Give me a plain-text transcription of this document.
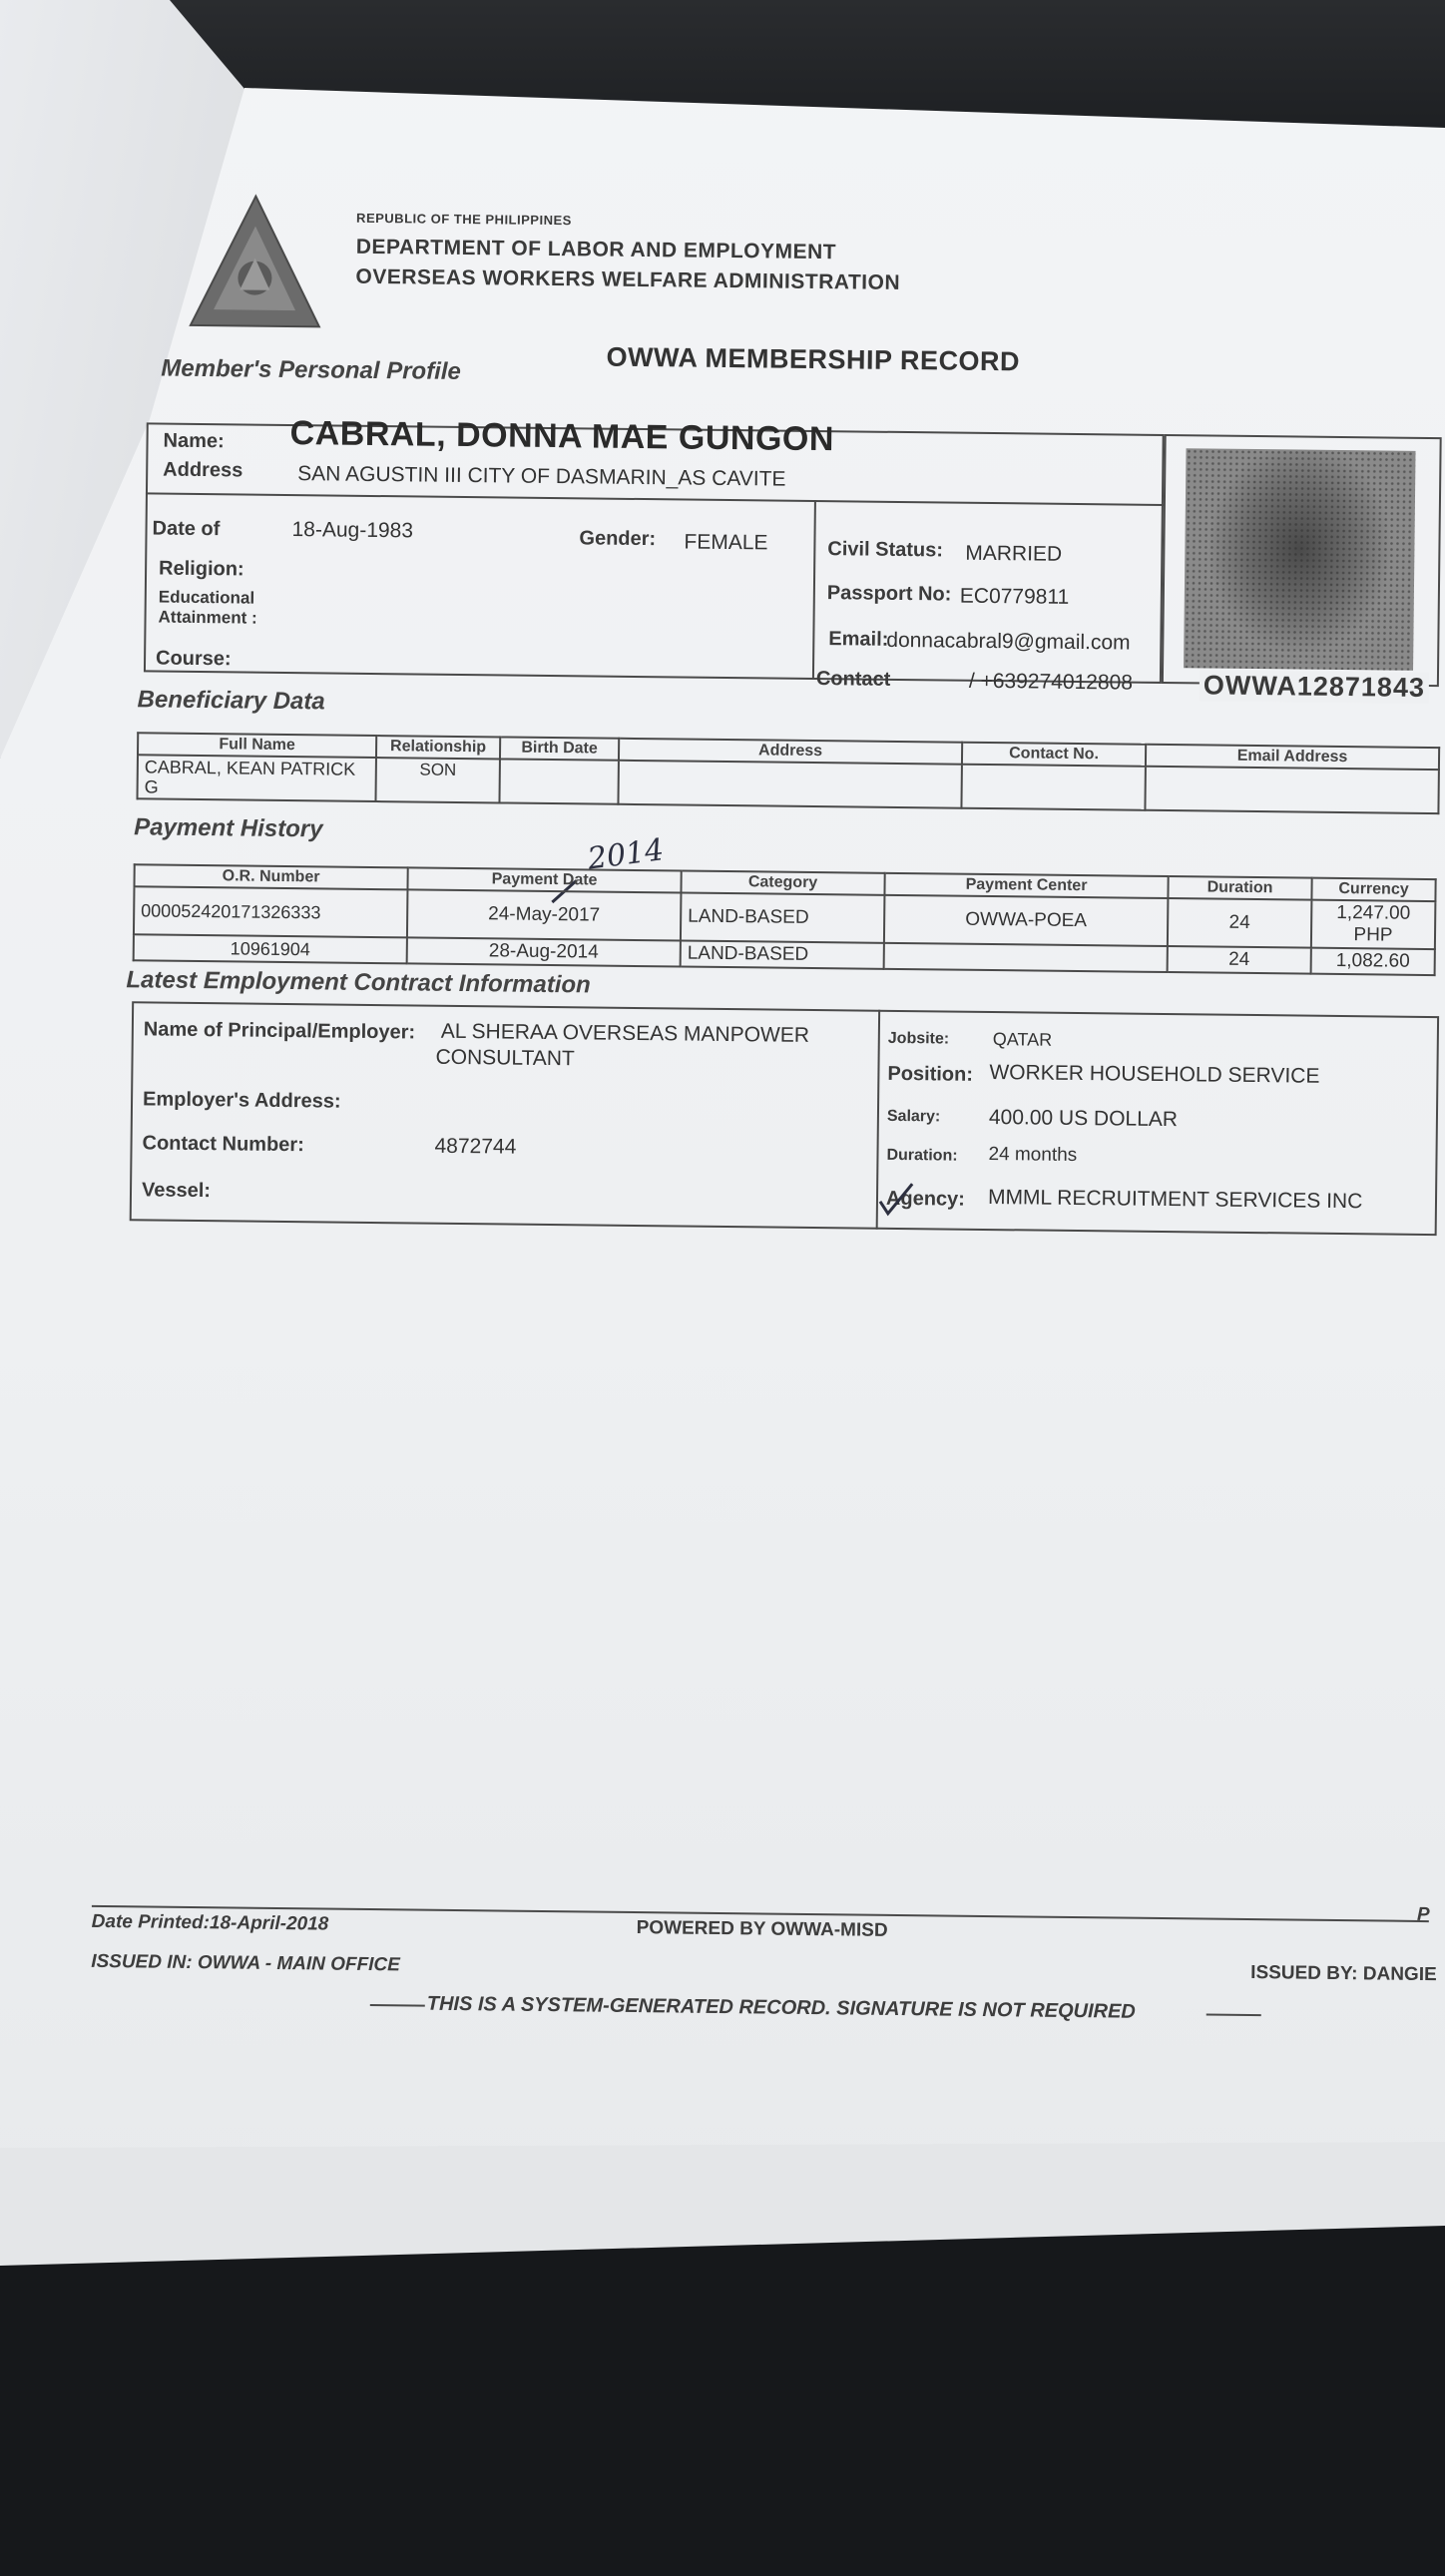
REPUBLIC OF THE PHILIPPINES
DEPARTMENT OF LABOR AND EMPLOYMENT
OVERSEAS WORKERS WELFARE ADMINISTRATION
OWWA MEMBERSHIP RECORD
Member's Personal Profile
Name: CABRAL, DONNA MAE GUNGON
Address	SAN AGUSTIN III CITY OF DASMARIN_AS CAVITE
Date of	18-Aug-1983	Gender: FEMALE
Religion:
Educational
Attainment :
Course:
Civil Status: MARRIED
Passport No: EC0779811
Email:
donnacabral9@gmail.com
Contact	/ +639274012808	OWWA12871843
Beneficiary Data
Full Name	Relationship	Birth Date	Address	Contact No.	Email Address
CABRAL, KEAN PATRICK G	SON				
Payment History
2014
O.R. Number	Payment Date	Category	Payment Center	Duration	Currency
000052420171326333	24-May-2017	LAND-BASED	OWWA-POEA	24	1,247.00 PHP
10961904	28-Aug-2014	LAND-BASED		24	1,082.60
Latest Employment Contract Information
Name of Principal/Employer: AL SHERAA OVERSEAS MANPOWER
CONSULTANT
Employer's Address:
Contact Number:	4872744
Vessel:
Jobsite: QATAR
Position: WORKER HOUSEHOLD SERVICE
Salary: 400.00 US DOLLAR
Duration: 24 months
Agency: MMML RECRUITMENT SERVICES INC
Date Printed:18-April-2018	POWERED BY OWWA-MISD
P
ISSUED IN: OWWA - MAIN OFFICE	ISSUED BY: DANGIE
THIS IS A SYSTEM-GENERATED RECORD. SIGNATURE IS NOT REQUIRED
